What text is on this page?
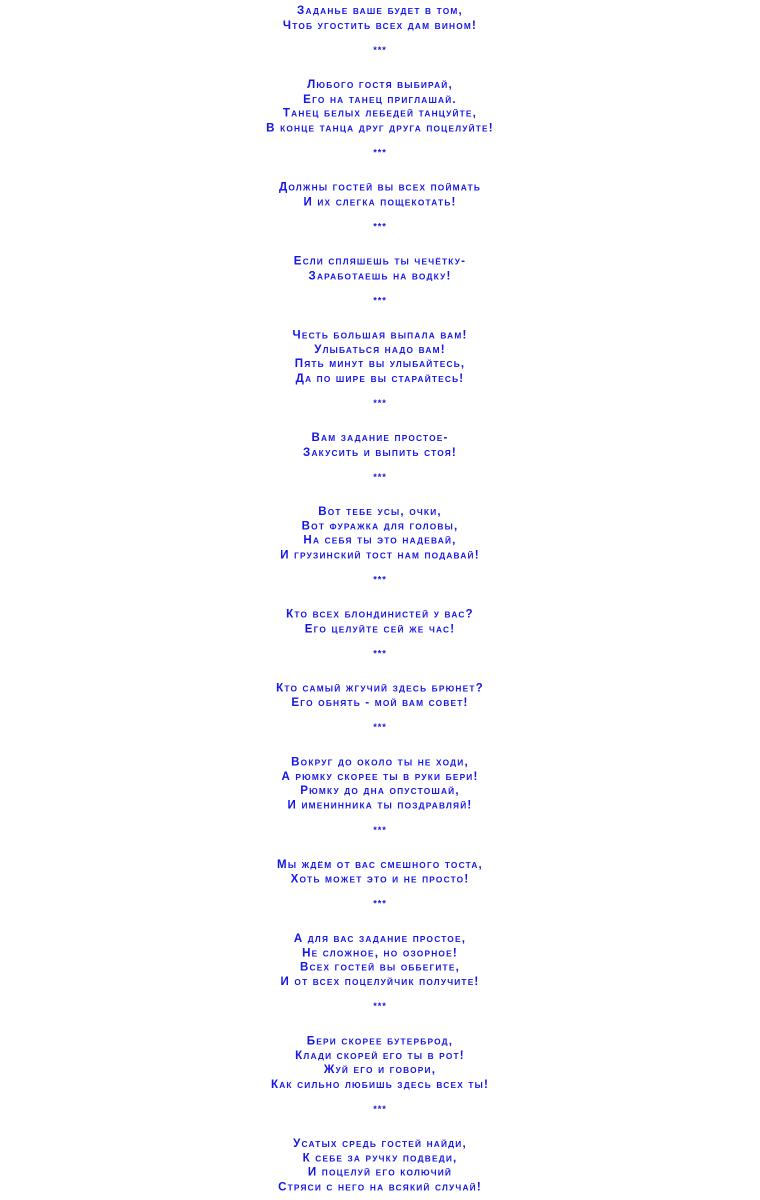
Заданье ваше будет в том,
Чтоб угостить всех дам вином!
***
Любого гостя выбирай,
Его на танец приглашай.
Танец белых лебедей танцуйте,
В конце танца друг друга поцелуйте!
***
Должны гостей вы всех поймать
И их слегка пощекотать!
***
Если спляшешь ты чечётку-
Заработаешь на водку!
***
Честь большая выпала вам!
Улыбаться надо вам!
Пять минут вы улыбайтесь,
Да по шире вы старайтесь!
***
Вам задание простое-
Закусить и выпить стоя!
***
Вот тебе усы, очки,
Вот фуражка для головы,
На себя ты это надевай,
И грузинский тост нам подавай!
***
Кто всех блондинистей у вас?
Его целуйте сей же час!
***
Кто самый жгучий здесь брюнет?
Его обнять - мой вам совет!
***
Вокруг до около ты не ходи,
А рюмку скорее ты в руки бери!
Рюмку до дна опустошай,
И именинника ты поздравляй!
***
Мы ждём от вас смешного тоста,
Хоть может это и не просто!
***
А для вас задание простое,
Не сложное, но озорное!
Всех гостей вы оббегите,
И от всех поцелуйчик получите!
***
Бери скорее бутерброд,
Клади скорей его ты в рот!
Жуй его и говори,
Как сильно любишь здесь всех ты!
***
Усатых средь гостей найди,
К себе за ручку подведи,
И поцелуй его колючий
Стряси с него на всякий случай!
